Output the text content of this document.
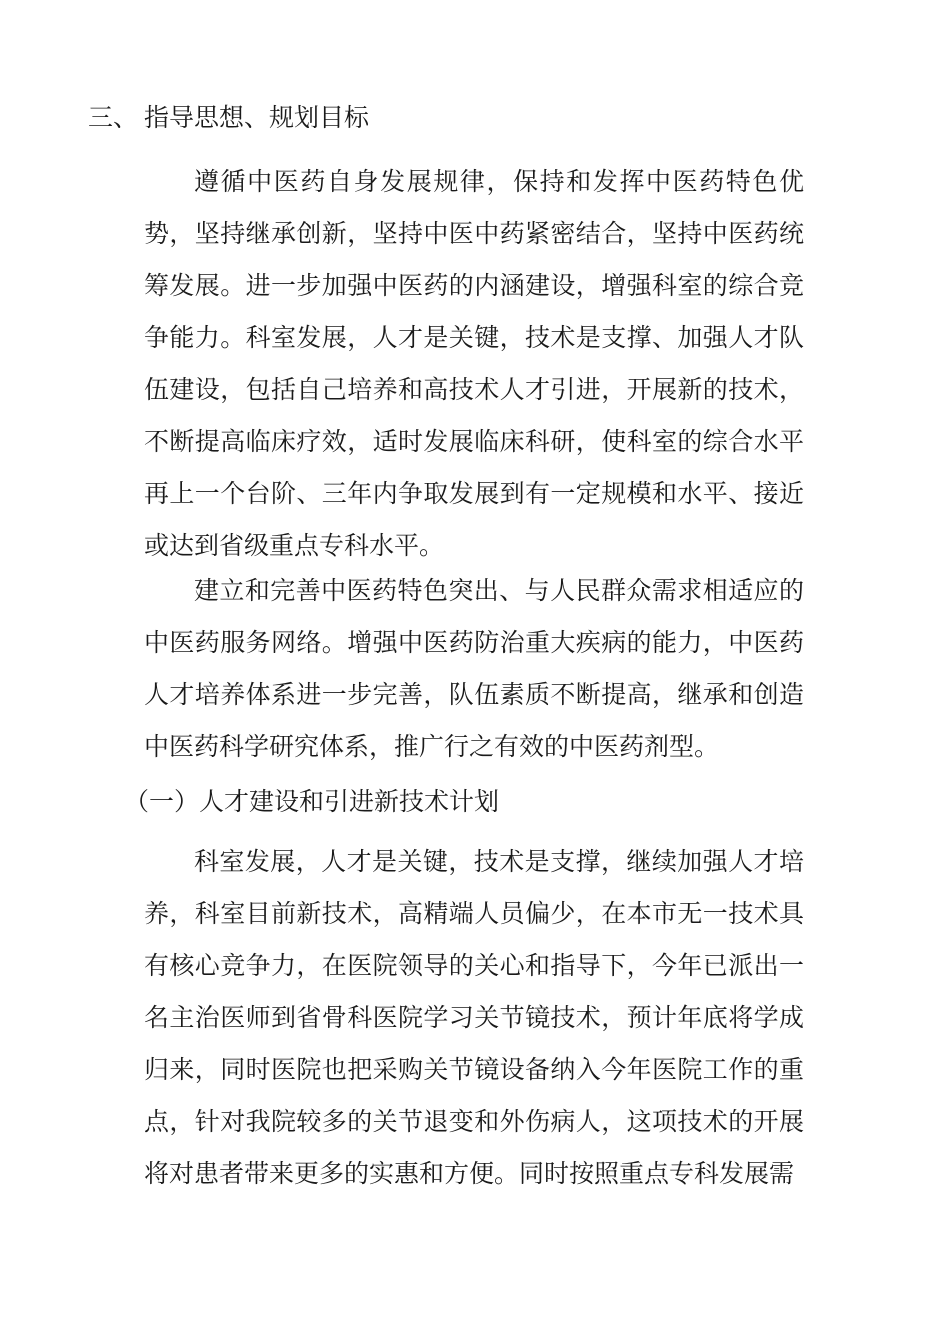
三、 指导思想、规划目标

遵循中医药自身发展规律，保持和发挥中医药特色优势，坚持继承创新，坚持中医中药紧密结合，坚持中医药统筹发展。进一步加强中医药的内涵建设，增强科室的综合竞争能力。科室发展，人才是关键，技术是支撑、加强人才队伍建设，包括自己培养和高技术人才引进，开展新的技术，不断提高临床疗效，适时发展临床科研，使科室的综合水平再上一个台阶、三年内争取发展到有一定规模和水平、接近或达到省级重点专科水平。

建立和完善中医药特色突出、与人民群众需求相适应的中医药服务网络。增强中医药防治重大疾病的能力，中医药人才培养体系进一步完善，队伍素质不断提高，继承和创造中医药科学研究体系，推广行之有效的中医药剂型。

（一）人才建设和引进新技术计划

科室发展，人才是关键，技术是支撑，继续加强人才培养，科室目前新技术，高精端人员偏少，在本市无一技术具有核心竞争力，在医院领导的关心和指导下，今年已派出一名主治医师到省骨科医院学习关节镜技术，预计年底将学成归来，同时医院也把采购关节镜设备纳入今年医院工作的重点，针对我院较多的关节退变和外伤病人，这项技术的开展将对患者带来更多的实惠和方便。同时按照重点专科发展需
